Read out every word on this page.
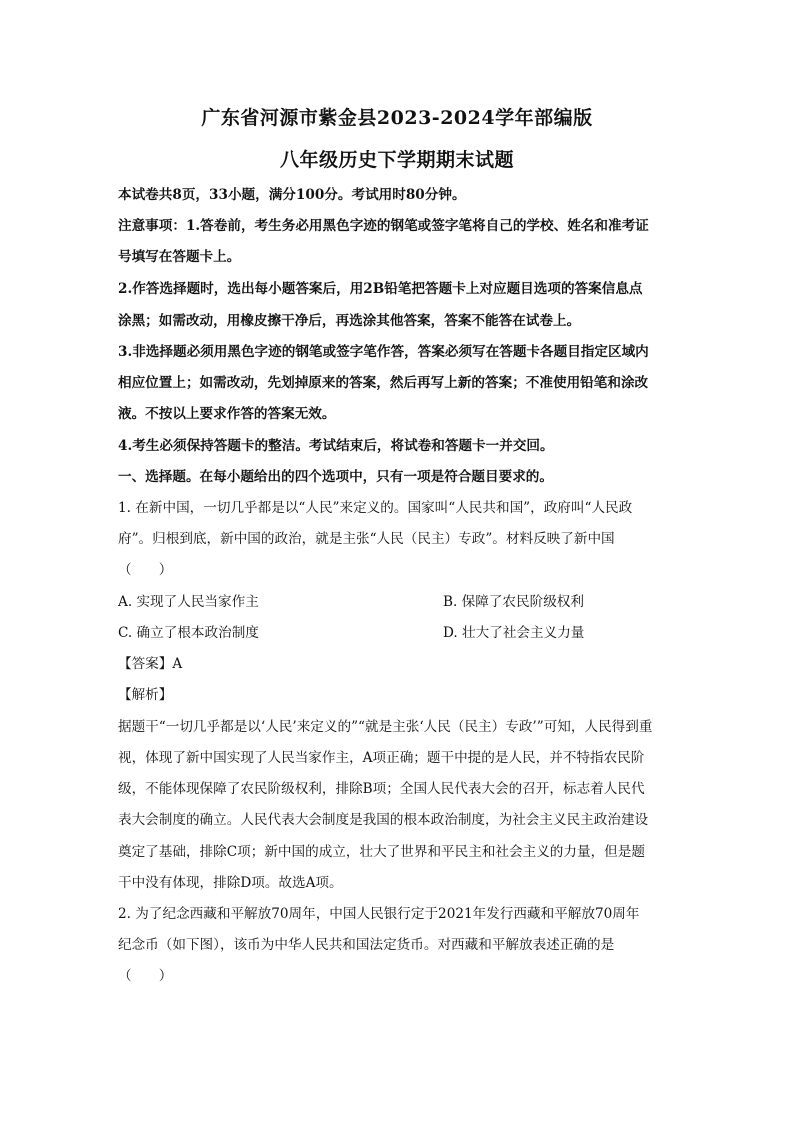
广东省河源市紫金县2023-2024学年部编版
八年级历史下学期期末试题
本试卷共8页，33小题，满分100分。考试用时80分钟。
注意事项：1.答卷前，考生务必用黑色字迹的钢笔或签字笔将自己的学校、姓名和准考证
号填写在答题卡上。
2.作答选择题时，选出每小题答案后，用2B铅笔把答题卡上对应题目选项的答案信息点
涂黑；如需改动，用橡皮擦干净后，再选涂其他答案，答案不能答在试卷上。
3.非选择题必须用黑色字迹的钢笔或签字笔作答，答案必须写在答题卡各题目指定区域内
相应位置上；如需改动，先划掉原来的答案，然后再写上新的答案；不准使用铅笔和涂改
液。不按以上要求作答的答案无效。
4.考生必须保持答题卡的整洁。考试结束后，将试卷和答题卡一并交回。
一、选择题。在每小题给出的四个选项中，只有一项是符合题目要求的。
1. 在新中国，一切几乎都是以“人民”来定义的。国家叫“人民共和国”，政府叫“人民政
府”。归根到底，新中国的政治，就是主张“人民（民主）专政”。材料反映了新中国
（　　）
A. 实现了人民当家作主	B. 保障了农民阶级权利
C. 确立了根本政治制度	D. 壮大了社会主义力量
【答案】A
【解析】
据题干“一切几乎都是以‘人民’来定义的”“就是主张‘人民（民主）专政’”可知，人民得到重
视，体现了新中国实现了人民当家作主，A项正确；题干中提的是人民，并不特指农民阶
级，不能体现保障了农民阶级权利，排除B项；全国人民代表大会的召开，标志着人民代
表大会制度的确立。人民代表大会制度是我国的根本政治制度，为社会主义民主政治建设
奠定了基础，排除C项；新中国的成立，壮大了世界和平民主和社会主义的力量，但是题
干中没有体现，排除D项。故选A项。
2. 为了纪念西藏和平解放70周年，中国人民银行定于2021年发行西藏和平解放70周年
纪念币（如下图），该币为中华人民共和国法定货币。对西藏和平解放表述正确的是
（　　）
